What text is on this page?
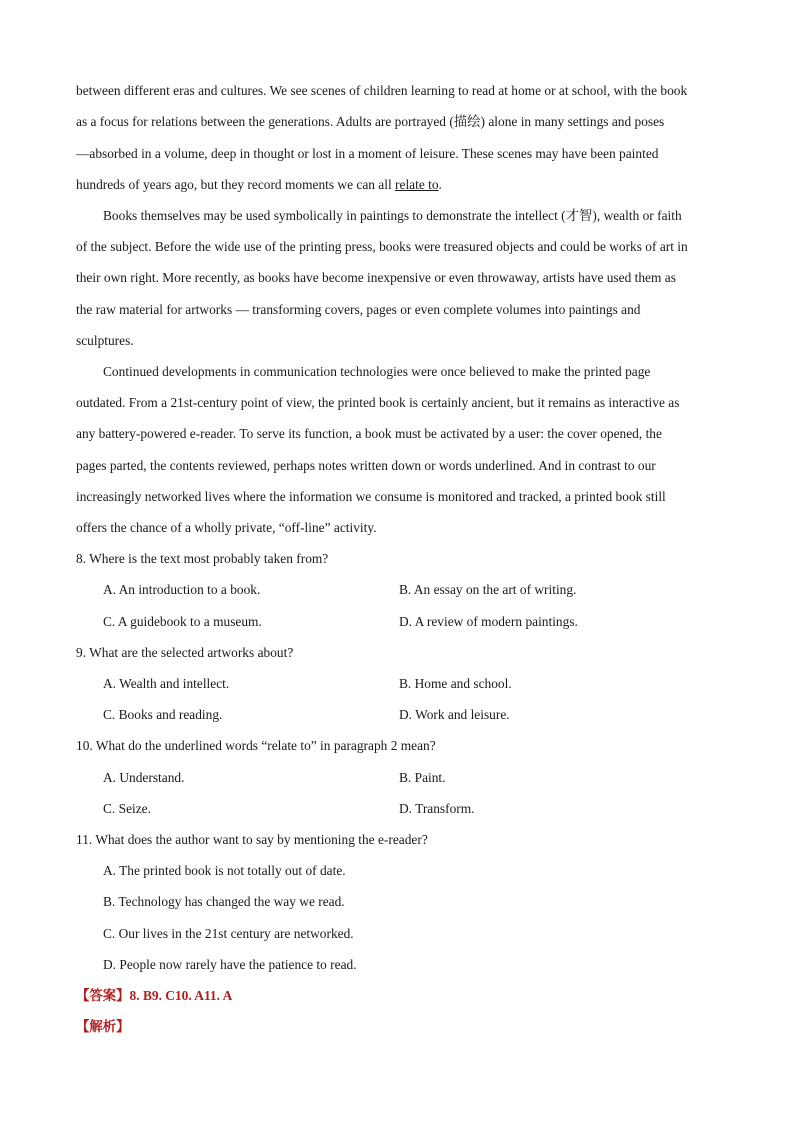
between different eras and cultures. We see scenes of children learning to read at home or at school, with the book
as a focus for relations between the generations. Adults are portrayed (描绘) alone in many settings and poses
—absorbed in a volume, deep in thought or lost in a moment of leisure. These scenes may have been painted
hundreds of years ago, but they record moments we can all relate to.
Books themselves may be used symbolically in paintings to demonstrate the intellect (才智), wealth or faith
of the subject. Before the wide use of the printing press, books were treasured objects and could be works of art in
their own right. More recently, as books have become inexpensive or even throwaway, artists have used them as
the raw material for artworks — transforming covers, pages or even complete volumes into paintings and
sculptures.
Continued developments in communication technologies were once believed to make the printed page
outdated. From a 21st-century point of view, the printed book is certainly ancient, but it remains as interactive as
any battery-powered e-reader. To serve its function, a book must be activated by a user: the cover opened, the
pages parted, the contents reviewed, perhaps notes written down or words underlined. And in contrast to our
increasingly networked lives where the information we consume is monitored and tracked, a printed book still
offers the chance of a wholly private, “off-line” activity.
8. Where is the text most probably taken from?
A. An introduction to a book.	B. An essay on the art of writing.
C. A guidebook to a museum.	D. A review of modern paintings.
9. What are the selected artworks about?
A. Wealth and intellect.	B. Home and school.
C. Books and reading.	D. Work and leisure.
10. What do the underlined words “relate to” in paragraph 2 mean?
A. Understand.	B. Paint.
C. Seize.	D. Transform.
11. What does the author want to say by mentioning the e-reader?
A. The printed book is not totally out of date.
B. Technology has changed the way we read.
C. Our lives in the 21st century are networked.
D. People now rarely have the patience to read.
【答案】8. B9. C10. A11. A
【解析】
